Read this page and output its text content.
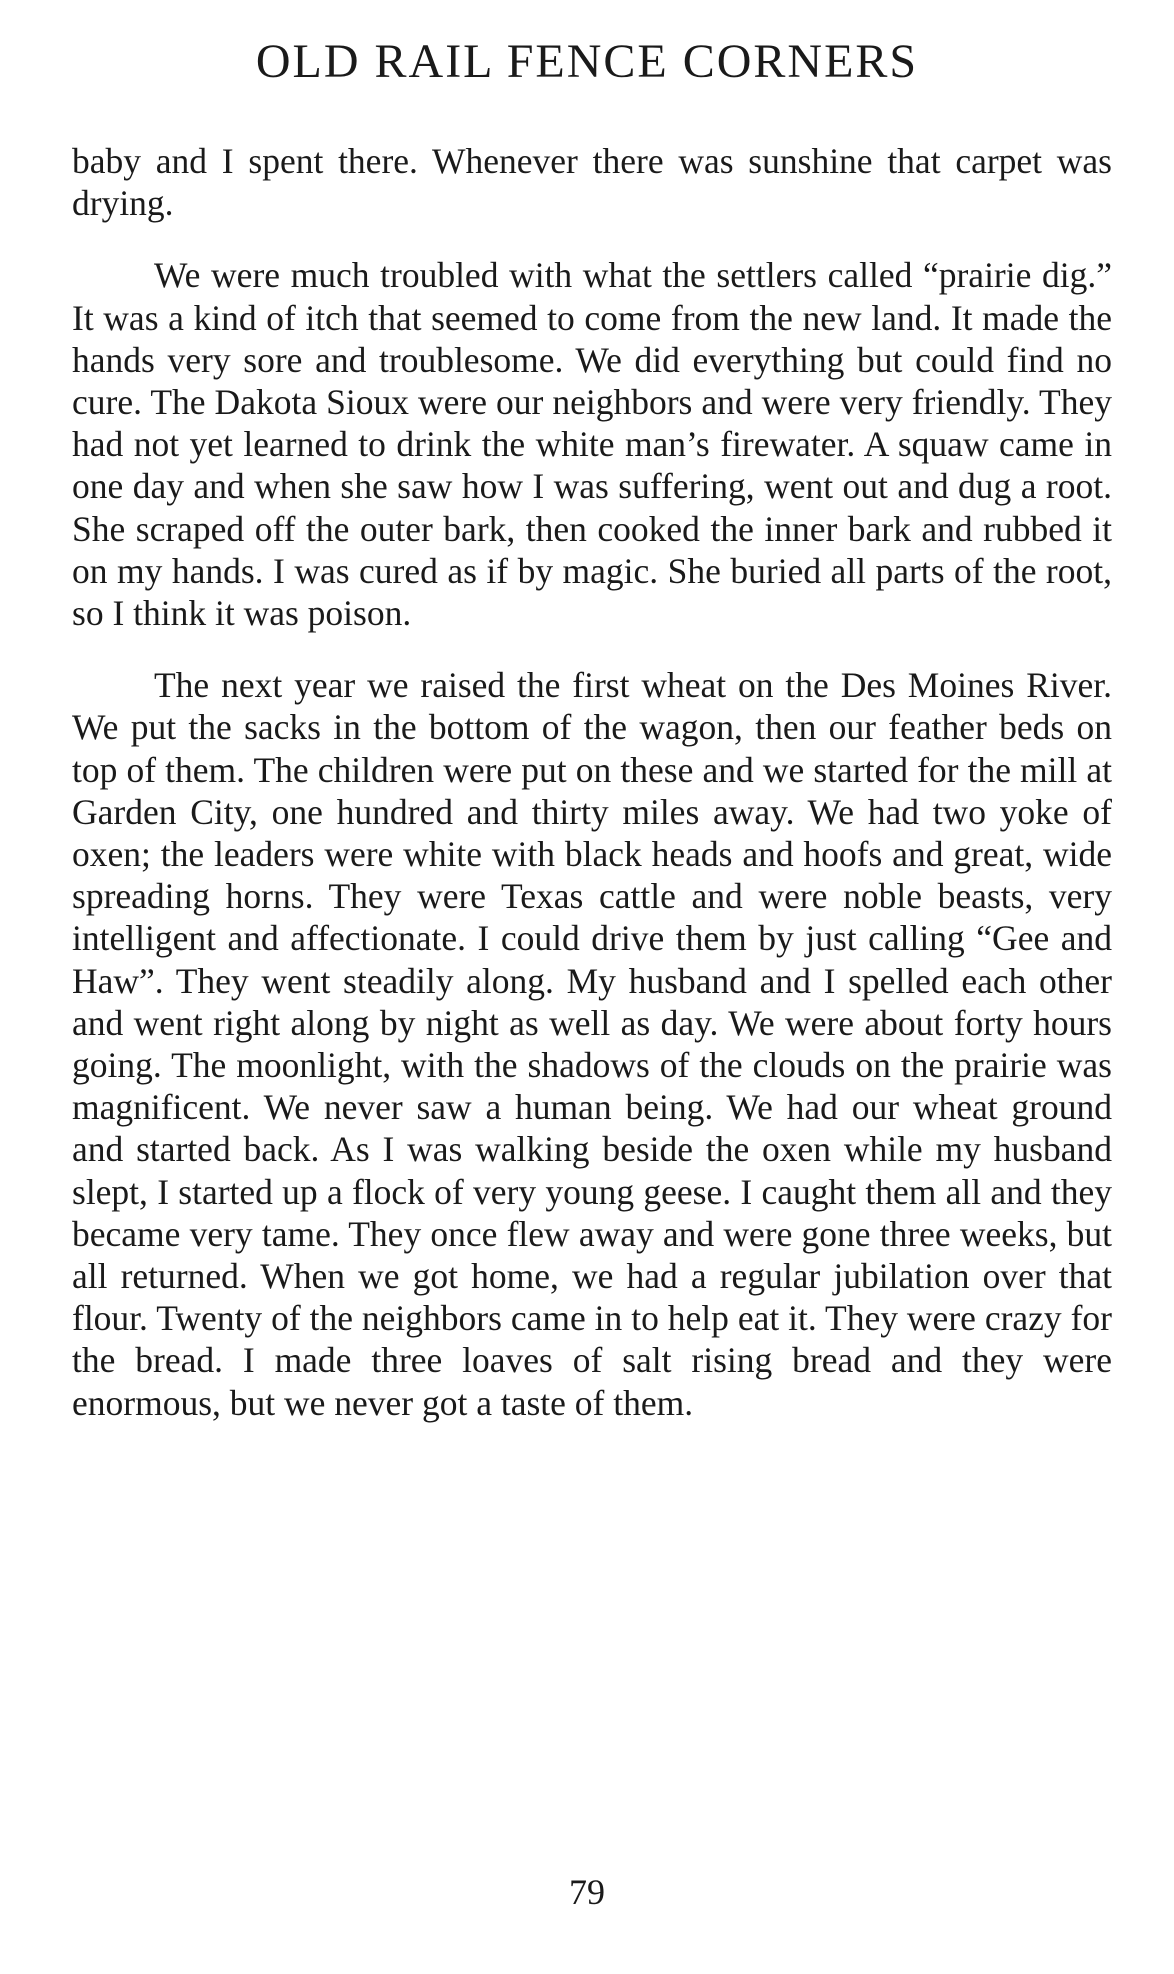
OLD RAIL FENCE CORNERS

baby and I spent there. Whenever there was sunshine that carpet was drying.

We were much troubled with what the settlers called “prairie dig.” It was a kind of itch that seemed to come from the new land. It made the hands very sore and troublesome. We did everything but could find no cure. The Dakota Sioux were our neighbors and were very friendly. They had not yet learned to drink the white man’s firewater. A squaw came in one day and when she saw how I was suffering, went out and dug a root. She scraped off the outer bark, then cooked the inner bark and rubbed it on my hands. I was cured as if by magic. She buried all parts of the root, so I think it was poison.

The next year we raised the first wheat on the Des Moines River. We put the sacks in the bottom of the wagon, then our feather beds on top of them. The children were put on these and we started for the mill at Garden City, one hundred and thirty miles away. We had two yoke of oxen; the leaders were white with black heads and hoofs and great, wide spreading horns. They were Texas cattle and were noble beasts, very intelligent and affectionate. I could drive them by just calling “Gee and Haw”. They went steadily along. My husband and I spelled each other and went right along by night as well as day. We were about forty hours going. The moonlight, with the shadows of the clouds on the prairie was magnificent. We never saw a human being. We had our wheat ground and started back. As I was walking beside the oxen while my husband slept, I started up a flock of very young geese. I caught them all and they became very tame. They once flew away and were gone three weeks, but all returned. When we got home, we had a regular jubilation over that flour. Twenty of the neighbors came in to help eat it. They were crazy for the bread. I made three loaves of salt rising bread and they were enormous, but we never got a taste of them.

79
